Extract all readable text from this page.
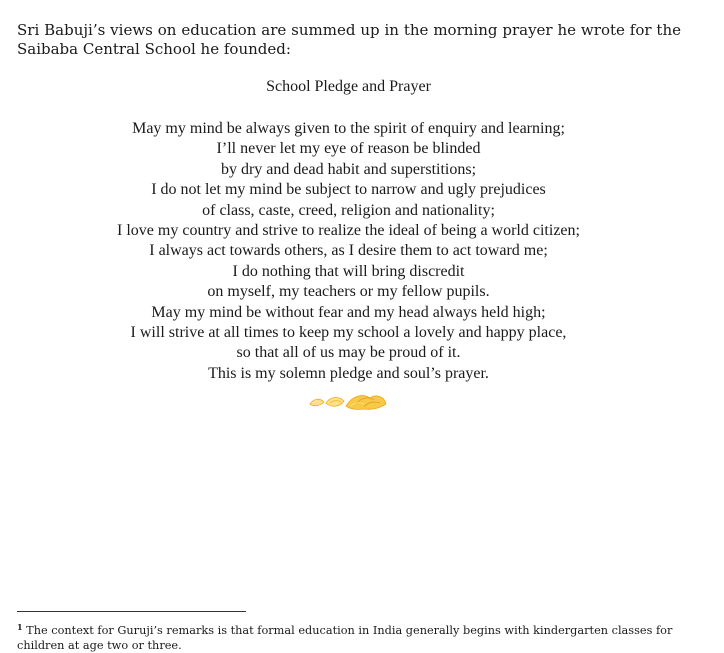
Sri Babuji’s views on education are summed up in the morning prayer he wrote for the
Saibaba Central School he founded:

School Pledge and Prayer
May my mind be always given to the spirit of enquiry and learning;
I’ll never let my eye of reason be blinded
by dry and dead habit and superstitions;
I do not let my mind be subject to narrow and ugly prejudices
of class, caste, creed, religion and nationality;
I love my country and strive to realize the ideal of being a world citizen;
I always act towards others, as I desire them to act toward me;
I do nothing that will bring discredit
on myself, my teachers or my fellow pupils.
May my mind be without fear and my head always held high;
I will strive at all times to keep my school a lovely and happy place,
so that all of us may be proud of it.
This is my solemn pledge and soul’s prayer.

$^1$ The context for Guruji’s remarks is that formal education in India generally begins with kindergarten classes for
children at age two or three.
